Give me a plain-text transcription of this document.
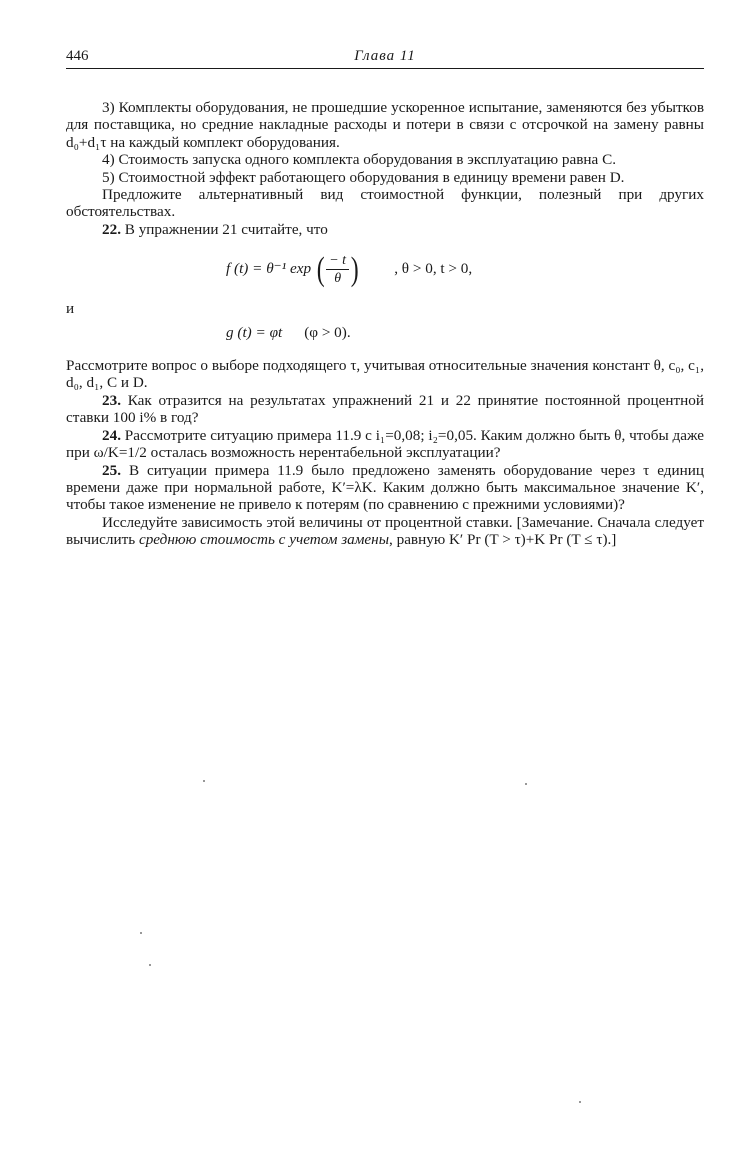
446	Глава 11

3) Комплекты оборудования, не прошедшие ускоренное испытание, заменяются без убытков для поставщика, но средние накладные расходы и потери в связи с отсрочкой на замену равны d₀+d₁τ на каждый комплект оборудования.

4) Стоимость запуска одного комплекта оборудования в эксплуатацию равна C.

5) Стоимостной эффект работающего оборудования в единицу времени равен D.

Предложите альтернативный вид стоимостной функции, полезный при других обстоятельствах.

22. В упражнении 21 считайте, что

f (t) = θ⁻¹ exp ( $\frac{- t}{\theta}$ ) , θ > 0, t > 0,

и

g (t) = φt (φ > 0).

Рассмотрите вопрос о выборе подходящего τ, учитывая относительные значения констант θ, c₀, c₁, d₀, d₁, C и D.

23. Как отразится на результатах упражнений 21 и 22 принятие постоянной процентной ставки 100 i% в год?

24. Рассмотрите ситуацию примера 11.9 с i₁=0,08; i₂=0,05. Каким должно быть θ, чтобы даже при ω/K=1/2 осталась возможность нерентабельной эксплуатации?

25. В ситуации примера 11.9 было предложено заменять оборудование через τ единиц времени даже при нормальной работе, K′=λK. Каким должно быть максимальное значение K′, чтобы такое изменение не привело к потерям (по сравнению с прежними условиями)?

Исследуйте зависимость этой величины от процентной ставки. [Замечание. Сначала следует вычислить среднюю стоимость с учетом замены, равную K′ Pr (T > τ)+K Pr (T ≤ τ).]
